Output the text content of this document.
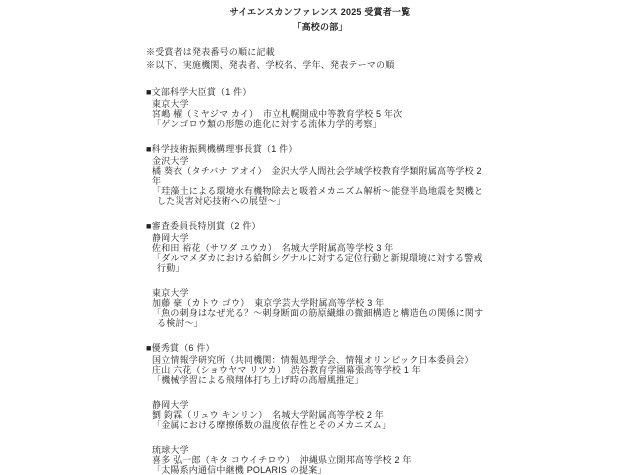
サイエンスカンファレンス 2025 受賞者一覧
「高校の部」
※受賞者は発表番号の順に記載
※以下、実施機関、発表者、学校名、学年、発表テーマの順
■文部科学大臣賞（1 件）
東京大学
宮嶋 櫂（ミヤジマ カイ）　市立札幌開成中等教育学校 5 年次
「ゲンゴロウ類の形態の進化に対する流体力学的考察」
■科学技術振興機構理事長賞（1 件）
金沢大学
橘 葵衣（タチバナ アオイ）　金沢大学人間社会学域学校教育学類附属高等学校 2 年
「珪藻土による環境水有機物除去と吸着メカニズム解析～能登半島地震を契機とした災害対応技術への展望～」
■審査委員長特別賞（2 件）
静岡大学
佐和田 裕花（サワダ ユウカ）　名城大学附属高等学校 3 年
「ダルマメダカにおける給餌シグナルに対する定位行動と新規環境に対する警戒行動」
東京大学
加藤 豪（カトウ ゴウ）　東京学芸大学附属高等学校 3 年
「魚の刺身はなぜ光る？～刺身断面の筋原繊維の微細構造と構造色の関係に関する検討～」
■優秀賞（6 件）
国立情報学研究所（共同機関：情報処理学会、情報オリンピック日本委員会）
庄山 六花（ショウヤマ リツカ）　渋谷教育学園幕張高等学校 1 年
「機械学習による飛翔体打ち上げ時の高層風推定」
静岡大学
劉 鈞霖（リュウ キンリン）　名城大学附属高等学校 2 年
「金属における摩擦係数の温度依存性とそのメカニズム」
琉球大学
喜多 弘一郎（キタ コウイチロウ）　沖縄県立開邦高等学校 2 年
「太陽系内通信中継機 POLARIS の提案」
